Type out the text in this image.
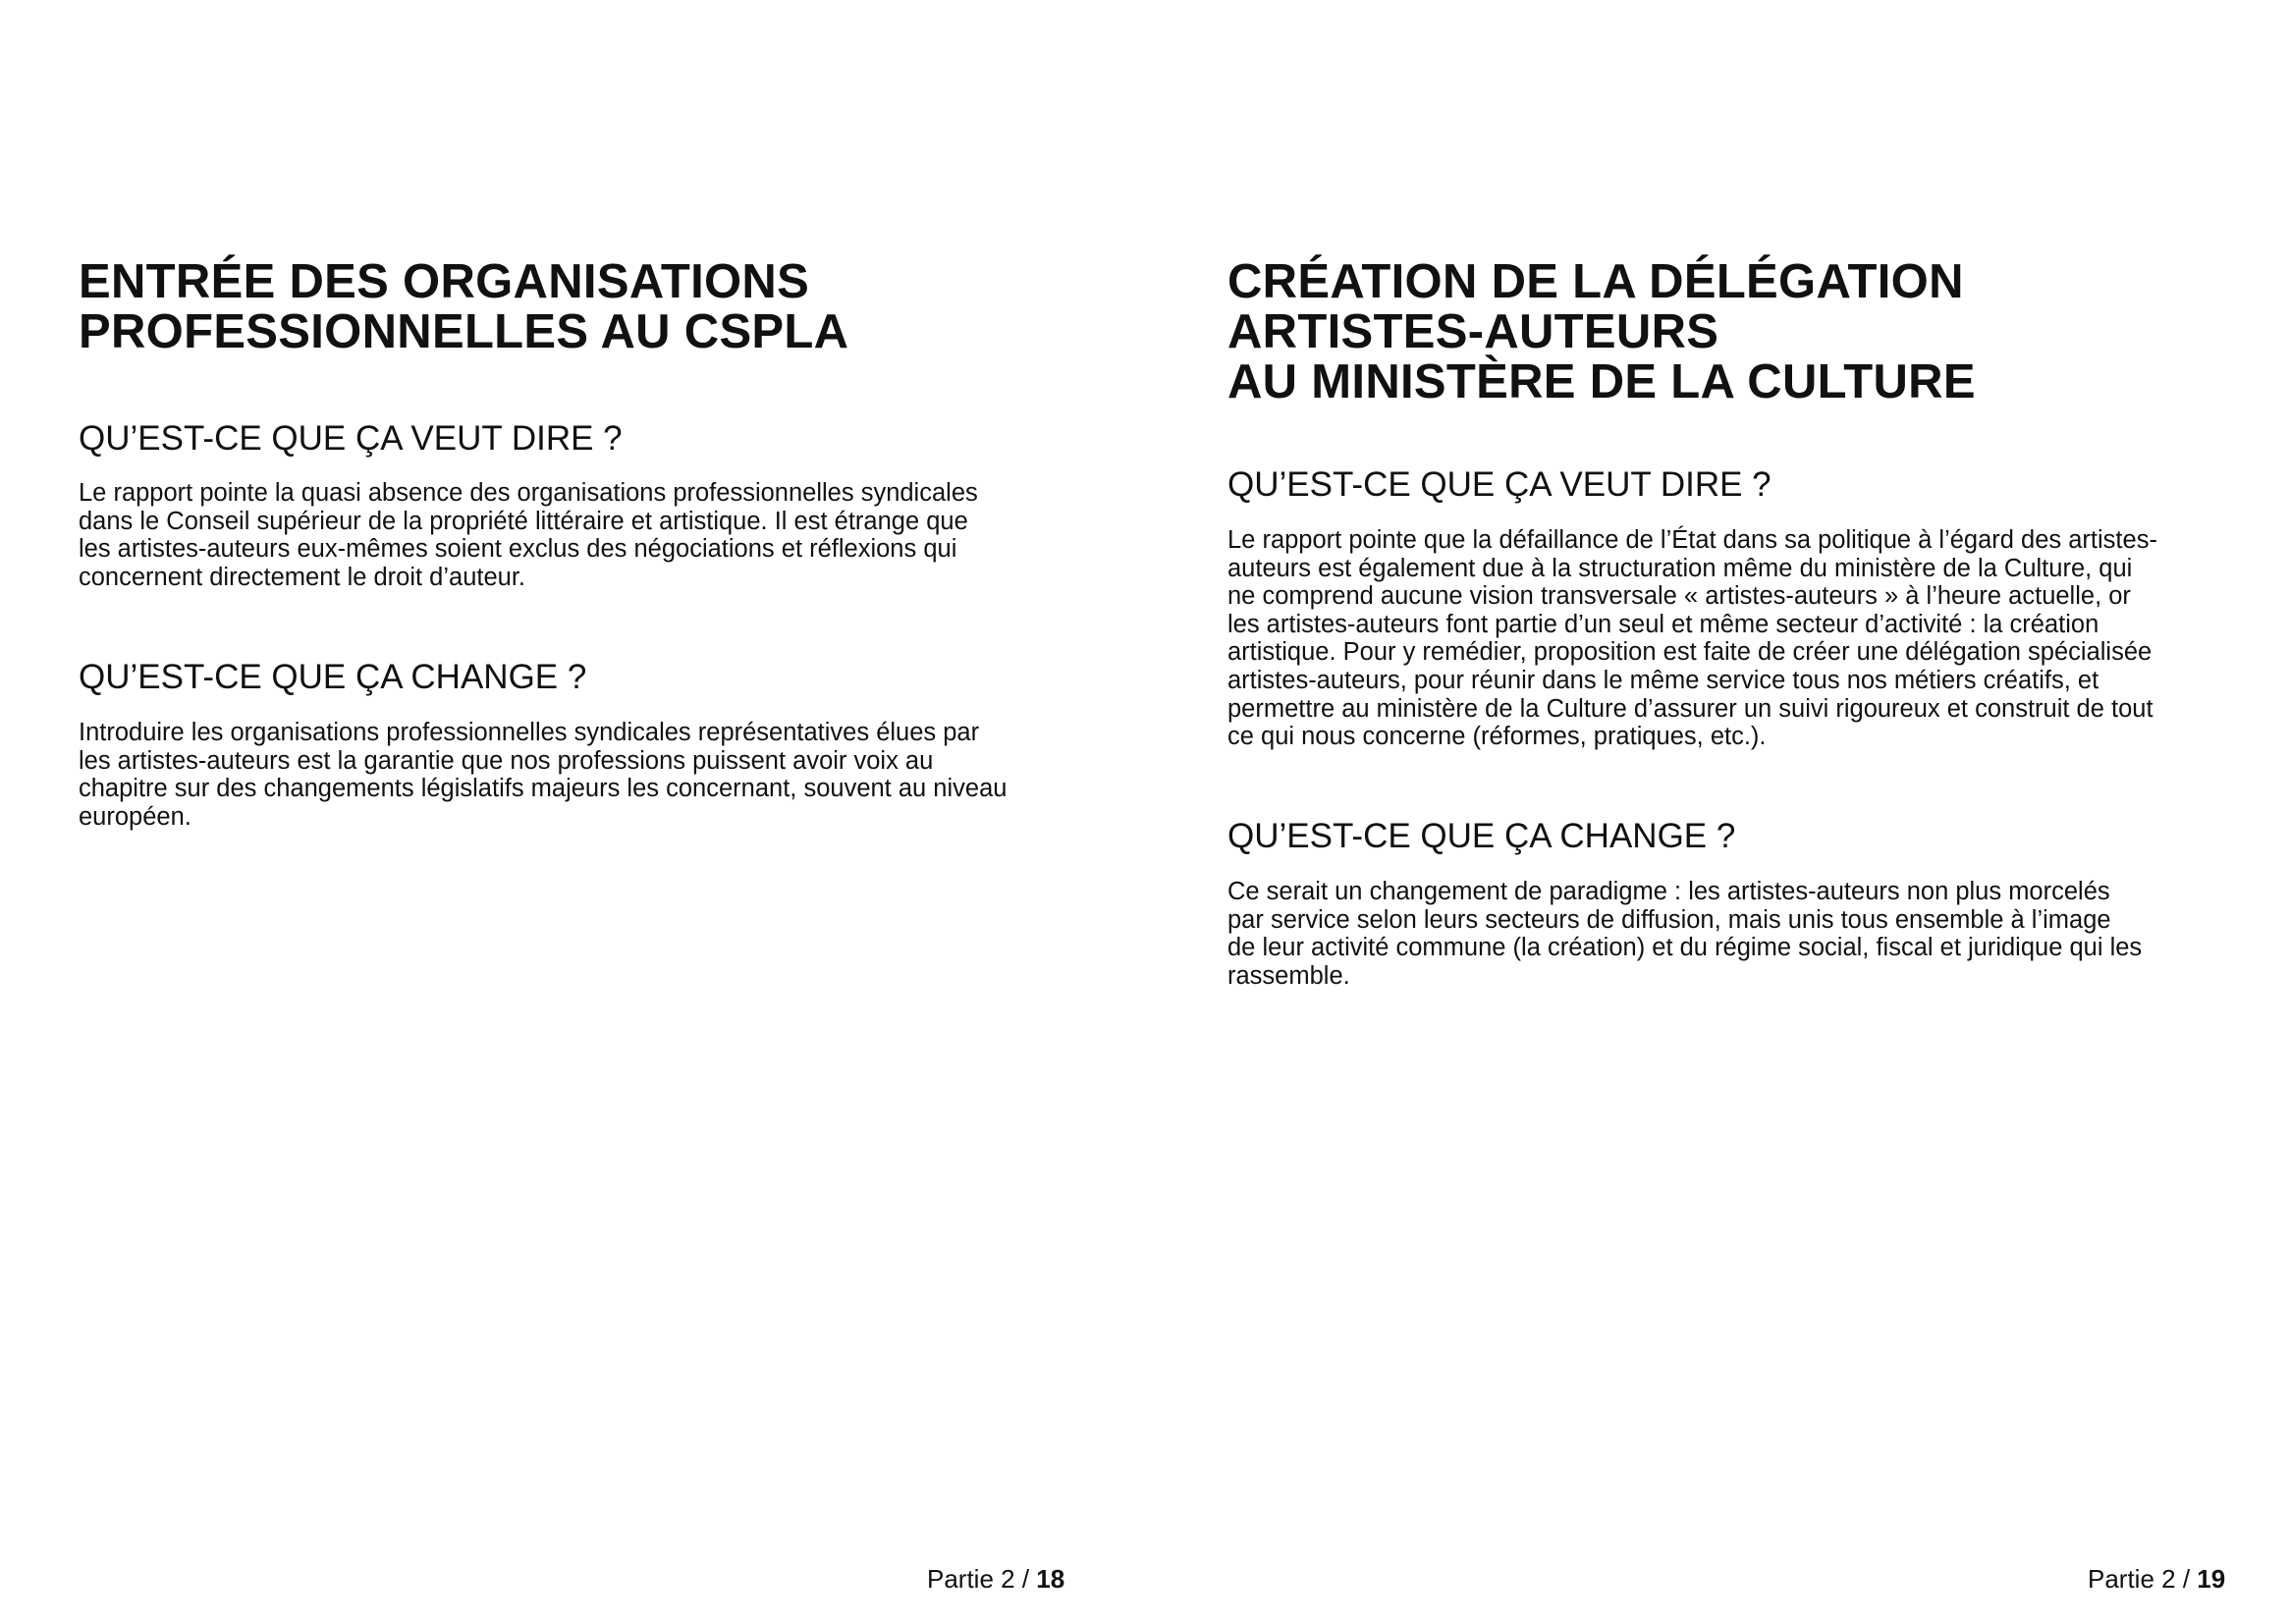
ENTRÉE DES ORGANISATIONS
PROFESSIONNELLES AU CSPLA
QU’EST-CE QUE ÇA VEUT DIRE ?

Le rapport pointe la quasi absence des organisations professionnelles syndicales
dans le Conseil supérieur de la propriété littéraire et artistique. Il est étrange que
les artistes-auteurs eux-mêmes soient exclus des négociations et réflexions qui
concernent directement le droit d’auteur.

QU’EST-CE QUE ÇA CHANGE ?

Introduire les organisations professionnelles syndicales représentatives élues par
les artistes-auteurs est la garantie que nos professions puissent avoir voix au
chapitre sur des changements législatifs majeurs les concernant, souvent au niveau
européen.

Partie 2 / 18
CRÉATION DE LA DÉLÉGATION
ARTISTES-AUTEURS
AU MINISTÈRE DE LA CULTURE
QU’EST-CE QUE ÇA VEUT DIRE ?

Le rapport pointe que la défaillance de l’État dans sa politique à l’égard des artistes-
auteurs est également due à la structuration même du ministère de la Culture, qui
ne comprend aucune vision transversale « artistes-auteurs » à l’heure actuelle, or
les artistes-auteurs font partie d’un seul et même secteur d’activité : la création
artistique. Pour y remédier, proposition est faite de créer une délégation spécialisée
artistes-auteurs, pour réunir dans le même service tous nos métiers créatifs, et
permettre au ministère de la Culture d’assurer un suivi rigoureux et construit de tout
ce qui nous concerne (réformes, pratiques, etc.).

QU’EST-CE QUE ÇA CHANGE ?

Ce serait un changement de paradigme : les artistes-auteurs non plus morcelés
par service selon leurs secteurs de diffusion, mais unis tous ensemble à l’image
de leur activité commune (la création) et du régime social, fiscal et juridique qui les
rassemble.

Partie 2 / 19
